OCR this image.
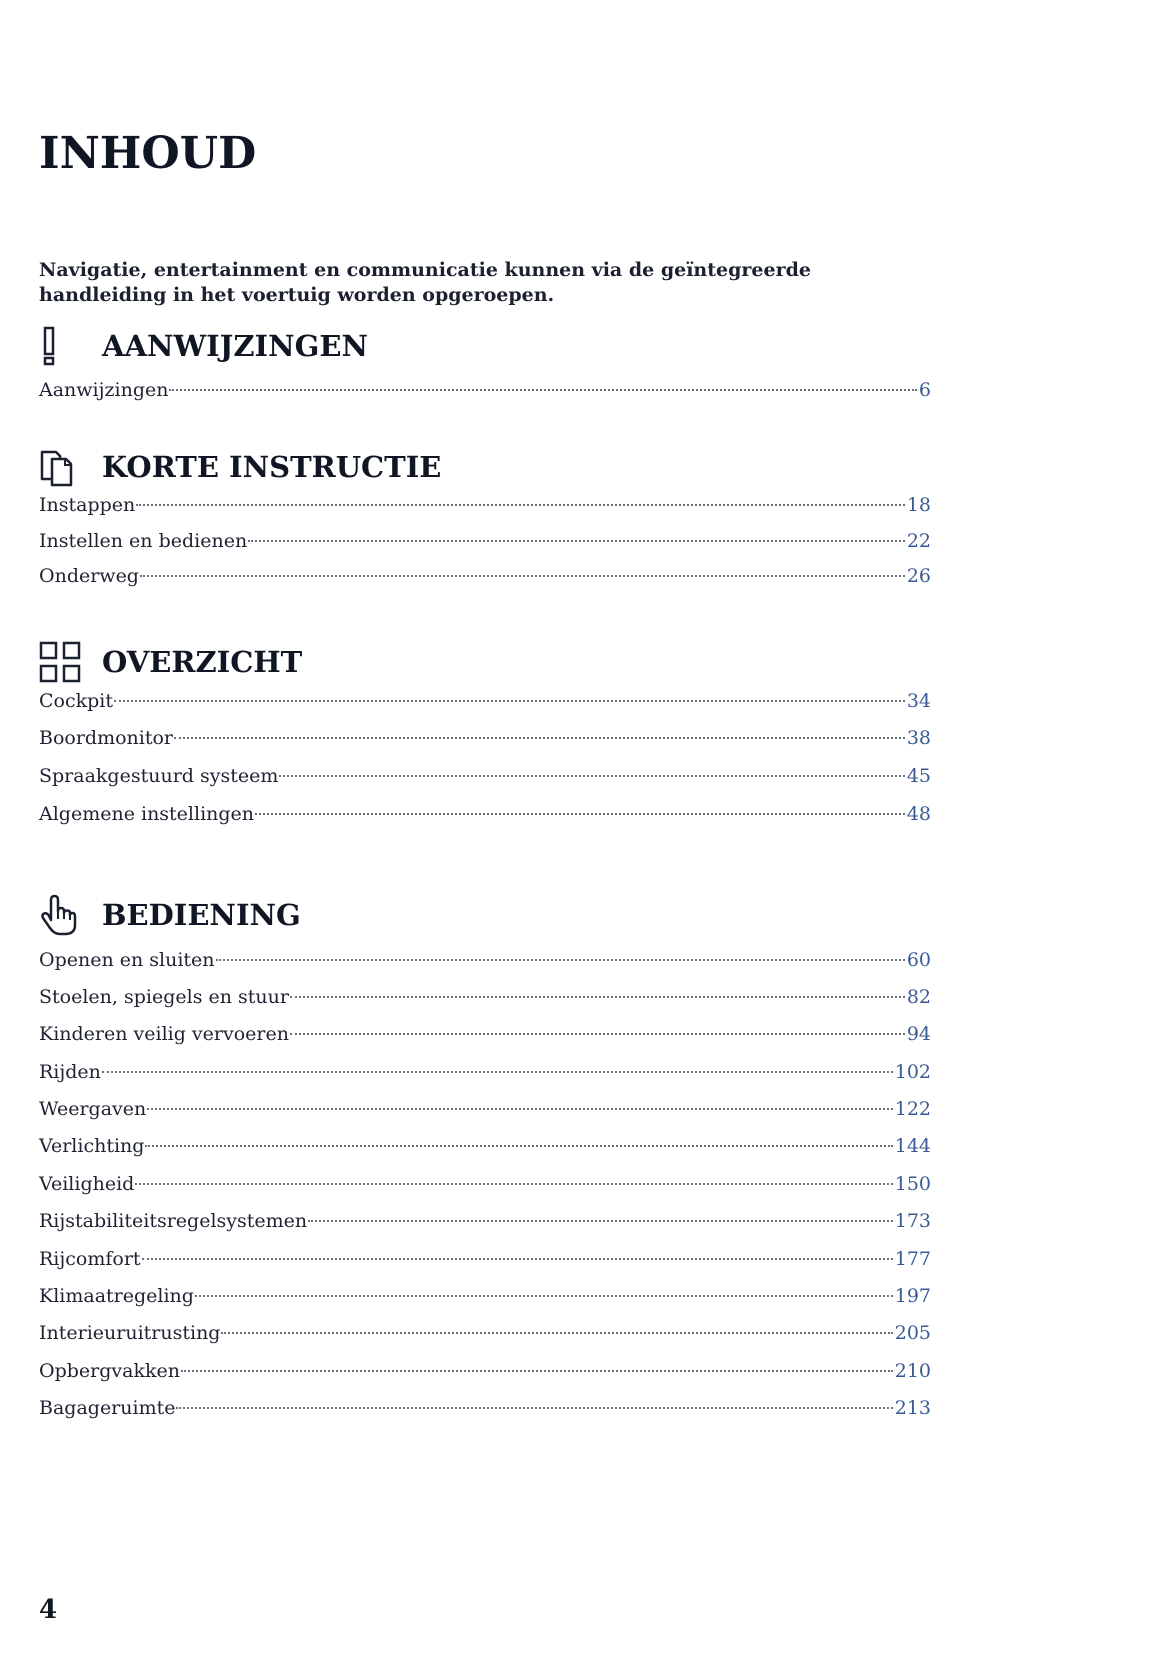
INHOUD

Navigatie, entertainment en communicatie kunnen via de geïntegreerde handleiding in het voertuig worden opgeroepen.

AANWIJZINGEN
Aanwijzingen	6
KORTE INSTRUCTIE
Instappen	18
Instellen en bedienen	22
Onderweg	26
OVERZICHT
Cockpit	34
Boordmonitor	38
Spraakgestuurd systeem	45
Algemene instellingen	48
BEDIENING
Openen en sluiten	60
Stoelen, spiegels en stuur	82
Kinderen veilig vervoeren	94
Rijden	102
Weergaven	122
Verlichting	144
Veiligheid	150
Rijstabiliteitsregelsystemen	173
Rijcomfort	177
Klimaatregeling	197
Interieuruitrusting	205
Opbergvakken	210
Bagageruimte	213
4
